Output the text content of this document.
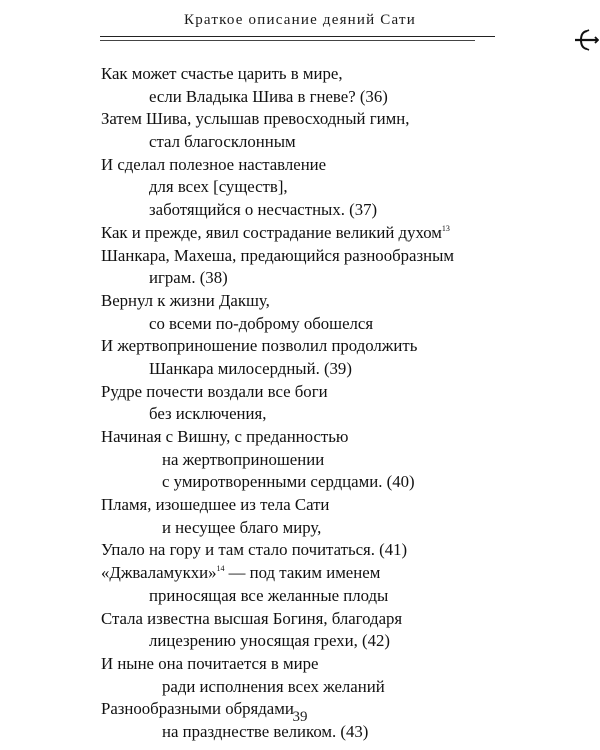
Краткое описание деяний Сати
Как может счастье царить в мире,
если Владыка Шива в гневе? (36)
Затем Шива, услышав превосходный гимн,
стал благосклонным
И сделал полезное наставление
для всех [существ],
заботящийся о несчастных. (37)
Как и прежде, явил сострадание великий духом$^{13}$
Шанкара, Махеша, предающийся разнообразным
играм. (38)
Вернул к жизни Дакшу,
со всеми по-доброму обошелся
И жертвоприношение позволил продолжить
Шанкара милосердный. (39)
Рудре почести воздали все боги
без исключения,
Начиная с Вишну, с преданностью
на жертвоприношении
с умиротворенными сердцами. (40)
Пламя, изошедшее из тела Сати
и несущее благо миру,
Упало на гору и там стало почитаться. (41)
«Джваламукхи»$^{14}$ — под таким именем
приносящая все желанные плоды
Стала известна высшая Богиня, благодаря
лицезрению уносящая грехи, (42)
И ныне она почитается в мире
ради исполнения всех желаний
Разнообразными обрядами
на празднестве великом. (43)
39
